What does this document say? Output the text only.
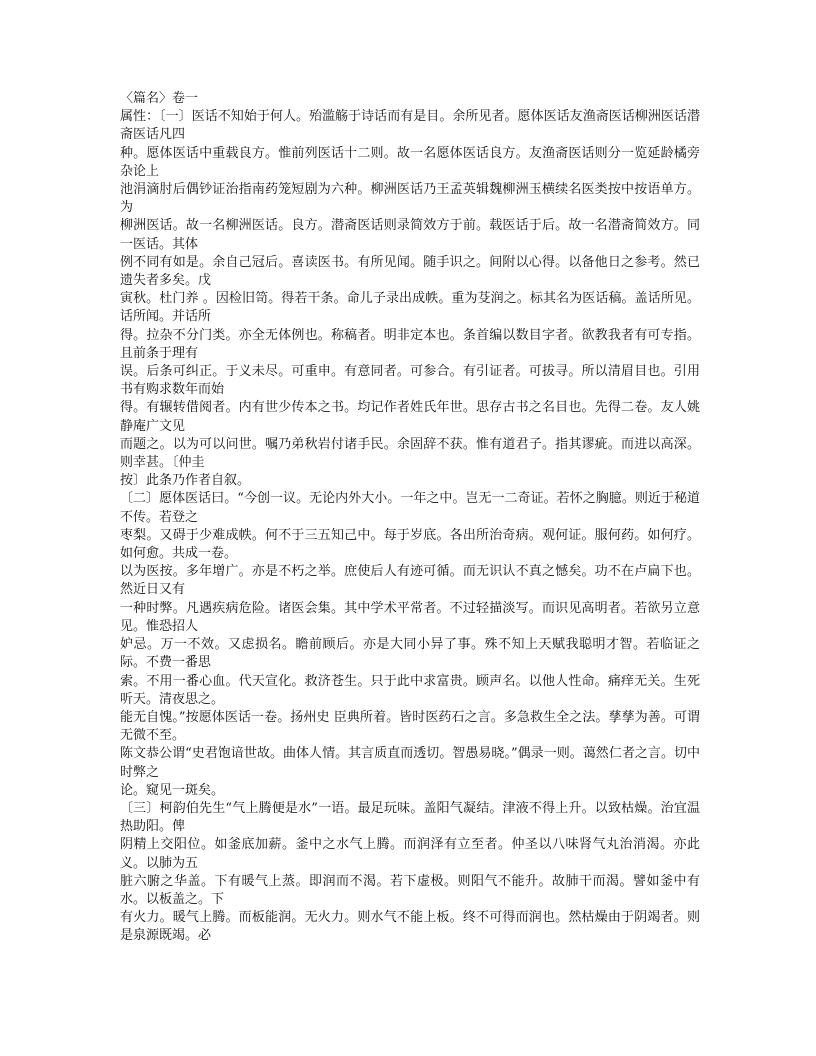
〈篇名〉卷一

属性：〔一〕医话不知始于何人。殆滥觞于诗话而有是目。余所见者。愿体医话友渔斋医话柳洲医话潜斋医话凡四

种。愿体医话中重载良方。惟前列医话十二则。故一名愿体医话良方。友渔斋医话则分一览延龄橘旁杂论上

池涓滴肘后偶钞证治指南药笼短剧为六种。柳洲医话乃王孟英辑魏柳洲玉横续名医类按中按语单方。为

柳洲医话。故一名柳洲医话。良方。潜斋医话则录简效方于前。载医话于后。故一名潜斋简效方。同一医话。其体

例不同有如是。余自己冠后。喜读医书。有所见闻。随手识之。间附以心得。以备他日之参考。然已遗失者多矣。戊

寅秋。杜门养 。因检旧笥。得若干条。命儿子录出成帙。重为芟润之。标其名为医话稿。盖话所见。话所闻。并话所

得。拉杂不分门类。亦全无体例也。称稿者。明非定本也。条首编以数目字者。欲教我者有可专指。且前条于理有

误。后条可纠正。于义未尽。可重申。有意同者。可参合。有引证者。可拔寻。所以清眉目也。引用书有购求数年而始

得。有辗转借阅者。内有世少传本之书。均记作者姓氏年世。思存古书之名目也。先得二卷。友人姚静庵广文见

而题之。以为可以问世。嘱乃弟秋岩付诸手民。余固辞不获。惟有道君子。指其谬疵。而进以高深。则幸甚。〔仲圭

按〕此条乃作者自叙。

〔二〕愿体医话曰。“今创一议。无论内外大小。一年之中。岂无一二奇证。若怀之胸臆。则近于秘道不传。若登之

枣梨。又碍于少难成帙。何不于三五知己中。每于岁底。各出所治奇病。观何证。服何药。如何疗。如何愈。共成一卷。

以为医按。多年增广。亦是不朽之举。庶使后人有迹可循。而无识认不真之憾矣。功不在卢扁下也。然近日又有

一种时弊。凡遇疾病危险。诸医会集。其中学术平常者。不过轻描淡写。而识见高明者。若欲另立意见。惟恐招人

妒忌。万一不效。又虑损名。瞻前顾后。亦是大同小异了事。殊不知上天赋我聪明才智。若临证之际。不费一番思

索。不用一番心血。代天宣化。救济苍生。只于此中求富贵。顾声名。以他人性命。痛痒无关。生死听天。清夜思之。

能无自愧。”按愿体医话一卷。扬州史 臣典所着。皆时医药石之言。多急救生全之法。孳孳为善。可谓无微不至。

陈文恭公谓“史君饱谙世故。曲体人情。其言质直而透切。智愚易晓。”偶录一则。蔼然仁者之言。切中时弊之

论。窥见一斑矣。

〔三〕柯韵伯先生“气上腾便是水”一语。最足玩味。盖阳气凝结。津液不得上升。以致枯燥。治宜温热助阳。俾

阴精上交阳位。如釜底加薪。釜中之水气上腾。而润泽有立至者。仲圣以八味肾气丸治消渴。亦此义。以肺为五

脏六腑之华盖。下有暖气上蒸。即润而不渴。若下虚极。则阳气不能升。故肺干而渴。譬如釜中有水。以板盖之。下

有火力。暖气上腾。而板能润。无火力。则水气不能上板。终不可得而润也。然枯燥由于阴竭者。则是泉源既竭。必
